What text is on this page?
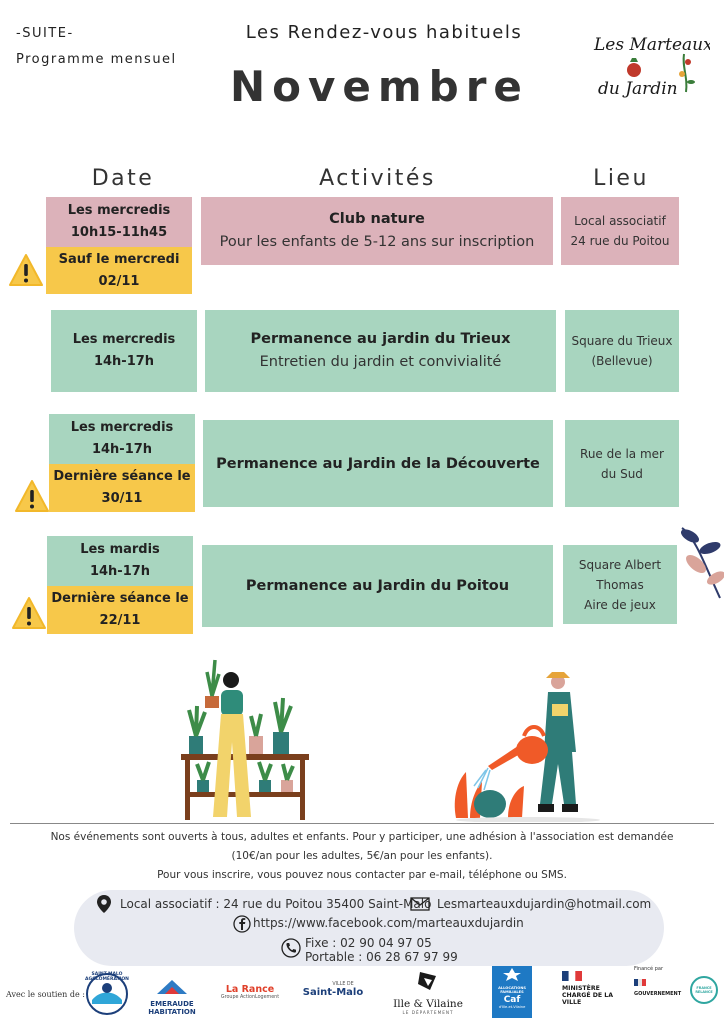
-SUITE-
Programme mensuel
Les Rendez-vous habituels
Novembre
Les Marteaux
du Jardin
Date	Activités	Lieu
Les mercredis
10h15-11h45
Sauf le mercredi
02/11
Club nature
Pour les enfants de 5-12 ans sur inscription
Local associatif
24 rue du Poitou
Les mercredis
14h-17h
Permanence au jardin du Trieux
Entretien du jardin et convivialité
Square du Trieux
(Bellevue)
Les mercredis
14h-17h
Dernière séance le
30/11
Permanence au Jardin de la Découverte
Rue de la mer
du Sud
Les mardis
14h-17h
Dernière séance le
22/11
Permanence au Jardin du Poitou
Square Albert
Thomas
Aire de jeux
Nos événements sont ouverts à tous, adultes et enfants. Pour y participer, une adhésion à l'association est demandée
(10€/an pour les adultes, 5€/an pour les enfants).
Pour vous inscrire, vous pouvez nous contacter par e-mail, téléphone ou SMS.
Local associatif : 24 rue du Poitou 35400 Saint-Malo Lesmarteauxdujardin@hotmail.com
https://www.facebook.com/marteauxdujardin
Fixe : 02 90 04 97 05
Portable : 06 28 67 97 99
Avec le soutien de :
SAINT-MALO AGGLOMÉRATION
EMERAUDE HABITATION
La Rance
Groupe ActionLogement
VILLE DE
Saint-Malo
Ille & Vilaine
LE DÉPARTEMENT
ALLOCATIONS FAMILIALES
Caf
d'Ille-et-Vilaine
MINISTÈRE CHARGÉ DE LA VILLE
Financé par
GOUVERNEMENT
FRANCE RELANCE
